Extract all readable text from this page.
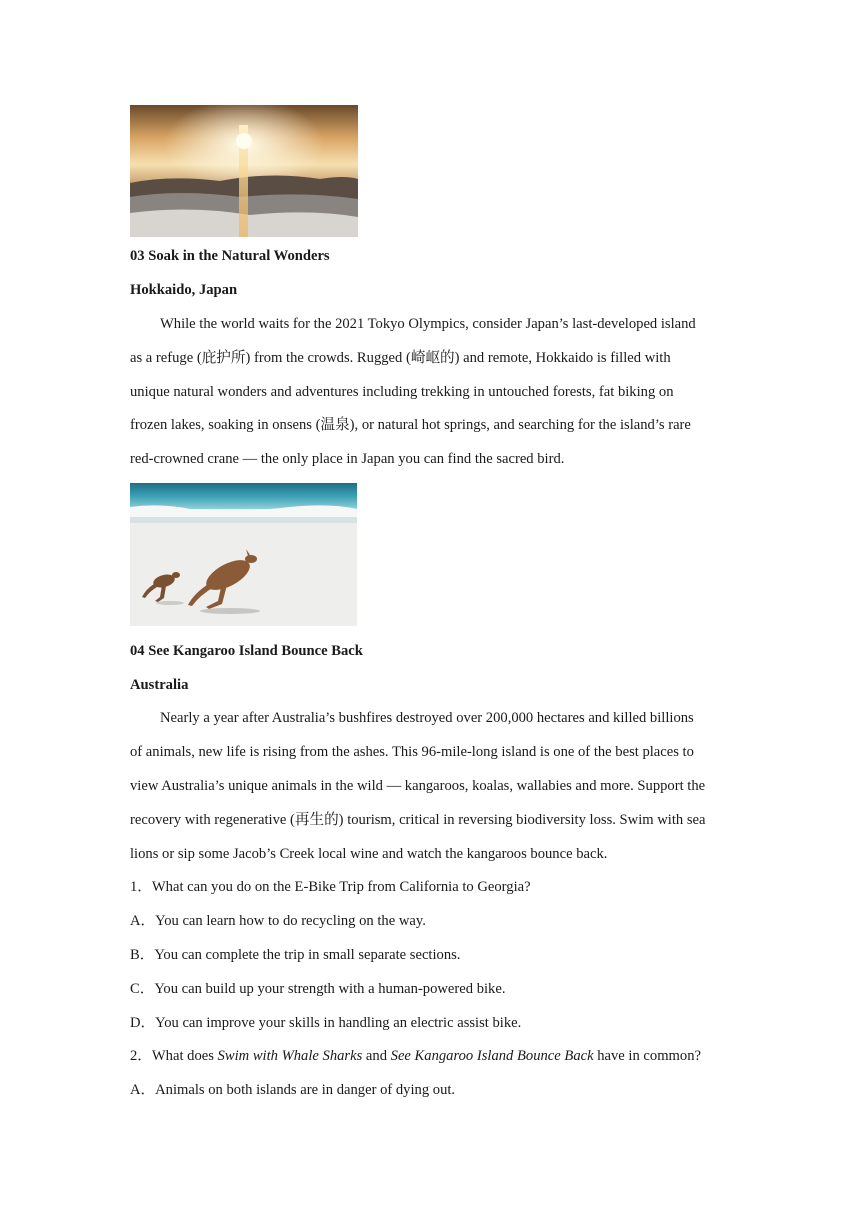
03 Soak in the Natural Wonders
Hokkaido, Japan
While the world waits for the 2021 Tokyo Olympics, consider Japan’s last-developed island
as a refuge (庇护所) from the crowds. Rugged (崎岖的) and remote, Hokkaido is filled with
unique natural wonders and adventures including trekking in untouched forests, fat biking on
frozen lakes, soaking in onsens (温泉), or natural hot springs, and searching for the island’s rare
red-crowned crane — the only place in Japan you can find the sacred bird.
04 See Kangaroo Island Bounce Back
Australia
Nearly a year after Australia’s bushfires destroyed over 200,000 hectares and killed billions
of animals, new life is rising from the ashes. This 96-mile-long island is one of the best places to
view Australia’s unique animals in the wild — kangaroos, koalas, wallabies and more. Support the
recovery with regenerative (再生的) tourism, critical in reversing biodiversity loss. Swim with sea
lions or sip some Jacob’s Creek local wine and watch the kangaroos bounce back.
1．What can you do on the E-Bike Trip from California to Georgia?
A．You can learn how to do recycling on the way.
B．You can complete the trip in small separate sections.
C．You can build up your strength with a human-powered bike.
D．You can improve your skills in handling an electric assist bike.
2．What does Swim with Whale Sharks and See Kangaroo Island Bounce Back have in common?
A．Animals on both islands are in danger of dying out.
